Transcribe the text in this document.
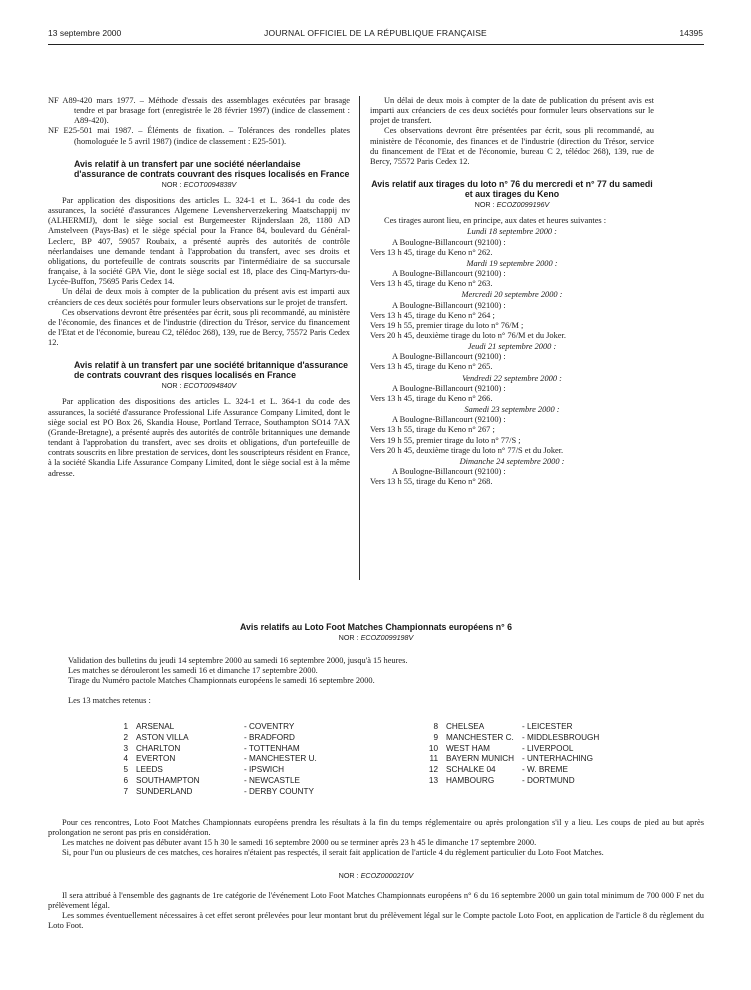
13 septembre 2000	JOURNAL OFFICIEL DE LA RÉPUBLIQUE FRANÇAISE	14395

NF A89-420 mars 1977. – Méthode d'essais des assemblages exécutées par brasage tendre et par brasage fort (enregistrée le 28 février 1997) (indice de classement : A89-420).

NF E25-501 mai 1987. – Éléments de fixation. – Tolérances des rondelles plates (homologuée le 5 avril 1987) (indice de classement : E25-501).

Avis relatif à un transfert par une société néerlandaise d'assurance de contrats couvrant des risques localisés en France

NOR : ECOT0094838V

Par application des dispositions des articles L. 324-1 et L. 364-1 du code des assurances, la société d'assurances Algemene Levensherverzekering Maatschappij nv (ALHERMIJ), dont le siège social est Burgemeester Rijnderslaan 28, 1180 AD Amstelveen (Pays-Bas) et le siège spécial pour la France 84, boulevard du Général-Leclerc, BP 407, 59057 Roubaix, a présenté auprès des autorités de contrôle néerlandaises une demande tendant à l'approbation du transfert, avec ses droits et obligations, du portefeuille de contrats souscrits par l'intermédiaire de sa succursale française, à la société GPA Vie, dont le siège social est 18, place des Cinq-Martyrs-du-Lycée-Buffon, 75695 Paris Cedex 14.

Un délai de deux mois à compter de la publication du présent avis est imparti aux créanciers de ces deux sociétés pour formuler leurs observations sur le projet de transfert.

Ces observations devront être présentées par écrit, sous pli recommandé, au ministère de l'économie, des finances et de l'industrie (direction du Trésor, service du financement de l'Etat et de l'économie, bureau C2, télédoc 268), 139, rue de Bercy, 75572 Paris Cedex 12.

Avis relatif à un transfert par une société britannique d'assurance de contrats couvrant des risques localisés en France

NOR : ECOT0094840V

Par application des dispositions des articles L. 324-1 et L. 364-1 du code des assurances, la société d'assurance Professional Life Assurance Company Limited, dont le siège social est PO Box 26, Skandia House, Portland Terrace, Southampton SO14 7AX (Grande-Bretagne), a présenté auprès des autorités de contrôle britanniques une demande tendant à l'approbation du transfert, avec ses droits et obligations, d'un portefeuille de contrats souscrits en libre prestation de services, dont les souscripteurs résident en France, à la société Skandia Life Assurance Company Limited, dont le siège social est à la même adresse.

Un délai de deux mois à compter de la date de publication du présent avis est imparti aux créanciers de ces deux sociétés pour formuler leurs observations sur le projet de transfert.

Ces observations devront être présentées par écrit, sous pli recommandé, au ministère de l'économie, des finances et de l'industrie (direction du Trésor, service du financement de l'Etat et de l'économie, bureau C 2, télédoc 268), 139, rue de Bercy, 75572 Paris Cedex 12.

Avis relatif aux tirages du loto n° 76 du mercredi et n° 77 du samedi et aux tirages du Keno

NOR : ECOZ0099196V

Ces tirages auront lieu, en principe, aux dates et heures suivantes :

Lundi 18 septembre 2000 :

A Boulogne-Billancourt (92100) :

Vers 13 h 45, tirage du Keno n° 262.

Mardi 19 septembre 2000 :

A Boulogne-Billancourt (92100) :

Vers 13 h 45, tirage du Keno n° 263.

Mercredi 20 septembre 2000 :

A Boulogne-Billancourt (92100) :

Vers 13 h 45, tirage du Keno n° 264 ;

Vers 19 h 55, premier tirage du loto n° 76/M ;

Vers 20 h 45, deuxième tirage du loto n° 76/M et du Joker.

Jeudi 21 septembre 2000 :

A Boulogne-Billancourt (92100) :

Vers 13 h 45, tirage du Keno n° 265.

Vendredi 22 septembre 2000 :

A Boulogne-Billancourt (92100) :

Vers 13 h 45, tirage du Keno n° 266.

Samedi 23 septembre 2000 :

A Boulogne-Billancourt (92100) :

Vers 13 h 55, tirage du Keno n° 267 ;

Vers 19 h 55, premier tirage du loto n° 77/S ;

Vers 20 h 45, deuxième tirage du loto n° 77/S et du Joker.

Dimanche 24 septembre 2000 :

A Boulogne-Billancourt (92100) :

Vers 13 h 55, tirage du Keno n° 268.

Avis relatifs au Loto Foot Matches Championnats européens n° 6

NOR : ECOZ0099198V

Validation des bulletins du jeudi 14 septembre 2000 au samedi 16 septembre 2000, jusqu'à 15 heures.

Les matches se dérouleront les samedi 16 et dimanche 17 septembre 2000.

Tirage du Numéro pactole Matches Championnats européens le samedi 16 septembre 2000.

Les 13 matches retenus :

1 ARSENAL	- COVENTRY
2 ASTON VILLA	- BRADFORD
3 CHARLTON	- TOTTENHAM
4 EVERTON	- MANCHESTER U.
5 LEEDS	- IPSWICH
6 SOUTHAMPTON	- NEWCASTLE
7 SUNDERLAND	- DERBY COUNTY
8 CHELSEA	- LEICESTER
9 MANCHESTER C. - MIDDLESBROUGH
10 WEST HAM	- LIVERPOOL
11 BAYERN MUNICH - UNTERHACHING
12 SCHALKE 04	- W. BREME
13 HAMBOURG	- DORTMUND

Pour ces rencontres, Loto Foot Matches Championnats européens prendra les résultats à la fin du temps réglementaire ou après prolongation s'il y a lieu. Les coups de pied au but après prolongation ne seront pas pris en considération.

Les matches ne doivent pas débuter avant 15 h 30 le samedi 16 septembre 2000 ou se terminer après 23 h 45 le dimanche 17 septembre 2000.

Si, pour l'un ou plusieurs de ces matches, ces horaires n'étaient pas respectés, il serait fait application de l'article 4 du règlement particulier du Loto Foot Matches.

NOR : ECOZ0000210V

Il sera attribué à l'ensemble des gagnants de 1re catégorie de l'événement Loto Foot Matches Championnats européens n° 6 du 16 septembre 2000 un gain total minimum de 700 000 F net du prélèvement légal.

Les sommes éventuellement nécessaires à cet effet seront prélevées pour leur montant brut du prélèvement légal sur le Compte pactole Loto Foot, en application de l'article 8 du règlement du Loto Foot.
